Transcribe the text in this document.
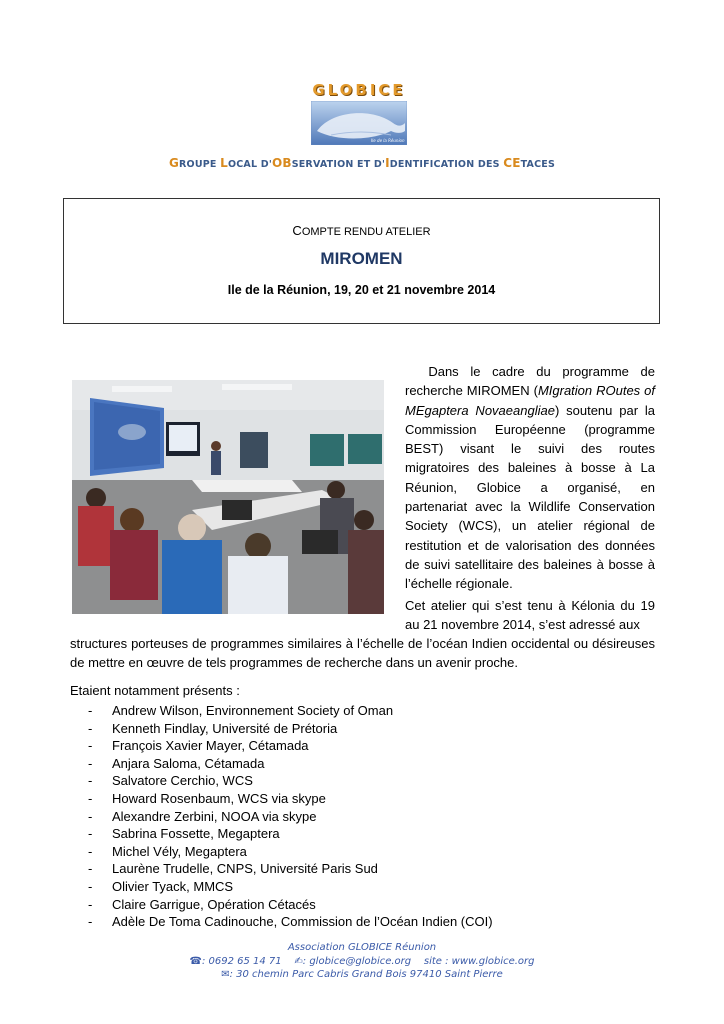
GLOBICE
Ile de la Réunion
GROUPE LOCAL D'OBSERVATION ET D'IDENTIFICATION DES CETACES
COMPTE RENDU ATELIER
MIROMEN
Ile de la Réunion, 19, 20 et 21 novembre 2014
Dans le cadre du programme de recherche MIROMEN (MIgration ROutes of MEgaptera Novaeangliae) soutenu par la Commission Européenne (programme BEST) visant le suivi des routes migratoires des baleines à bosse à La Réunion, Globice a organisé, en partenariat avec la Wildlife Conservation Society (WCS), un atelier régional de restitution et de valorisation des données de suivi satellitaire des baleines à bosse à l’échelle régionale.
Cet atelier qui s’est tenu à Kélonia du 19 au 21 novembre 2014, s’est adressé aux
structures porteuses de programmes similaires à l’échelle de l’océan Indien occidental ou désireuses de mettre en œuvre de tels programmes de recherche dans un avenir proche.
Etaient notamment présents :
- Andrew Wilson, Environnement Society of Oman
- Kenneth Findlay, Université de Prétoria
- François Xavier Mayer, Cétamada
- Anjara Saloma, Cétamada
- Salvatore Cerchio, WCS
- Howard Rosenbaum, WCS via skype
- Alexandre Zerbini, NOOA via skype
- Sabrina Fossette, Megaptera
- Michel Vély, Megaptera
- Laurène Trudelle, CNPS, Université Paris Sud
- Olivier Tyack, MMCS
- Claire Garrigue, Opération Cétacés
- Adèle De Toma Cadinouche, Commission de l’Océan Indien (COI)
Association GLOBICE Réunion
☎: 0692 65 14 71 ✍: globice@globice.org site : www.globice.org
✉: 30 chemin Parc Cabris Grand Bois 97410 Saint Pierre
